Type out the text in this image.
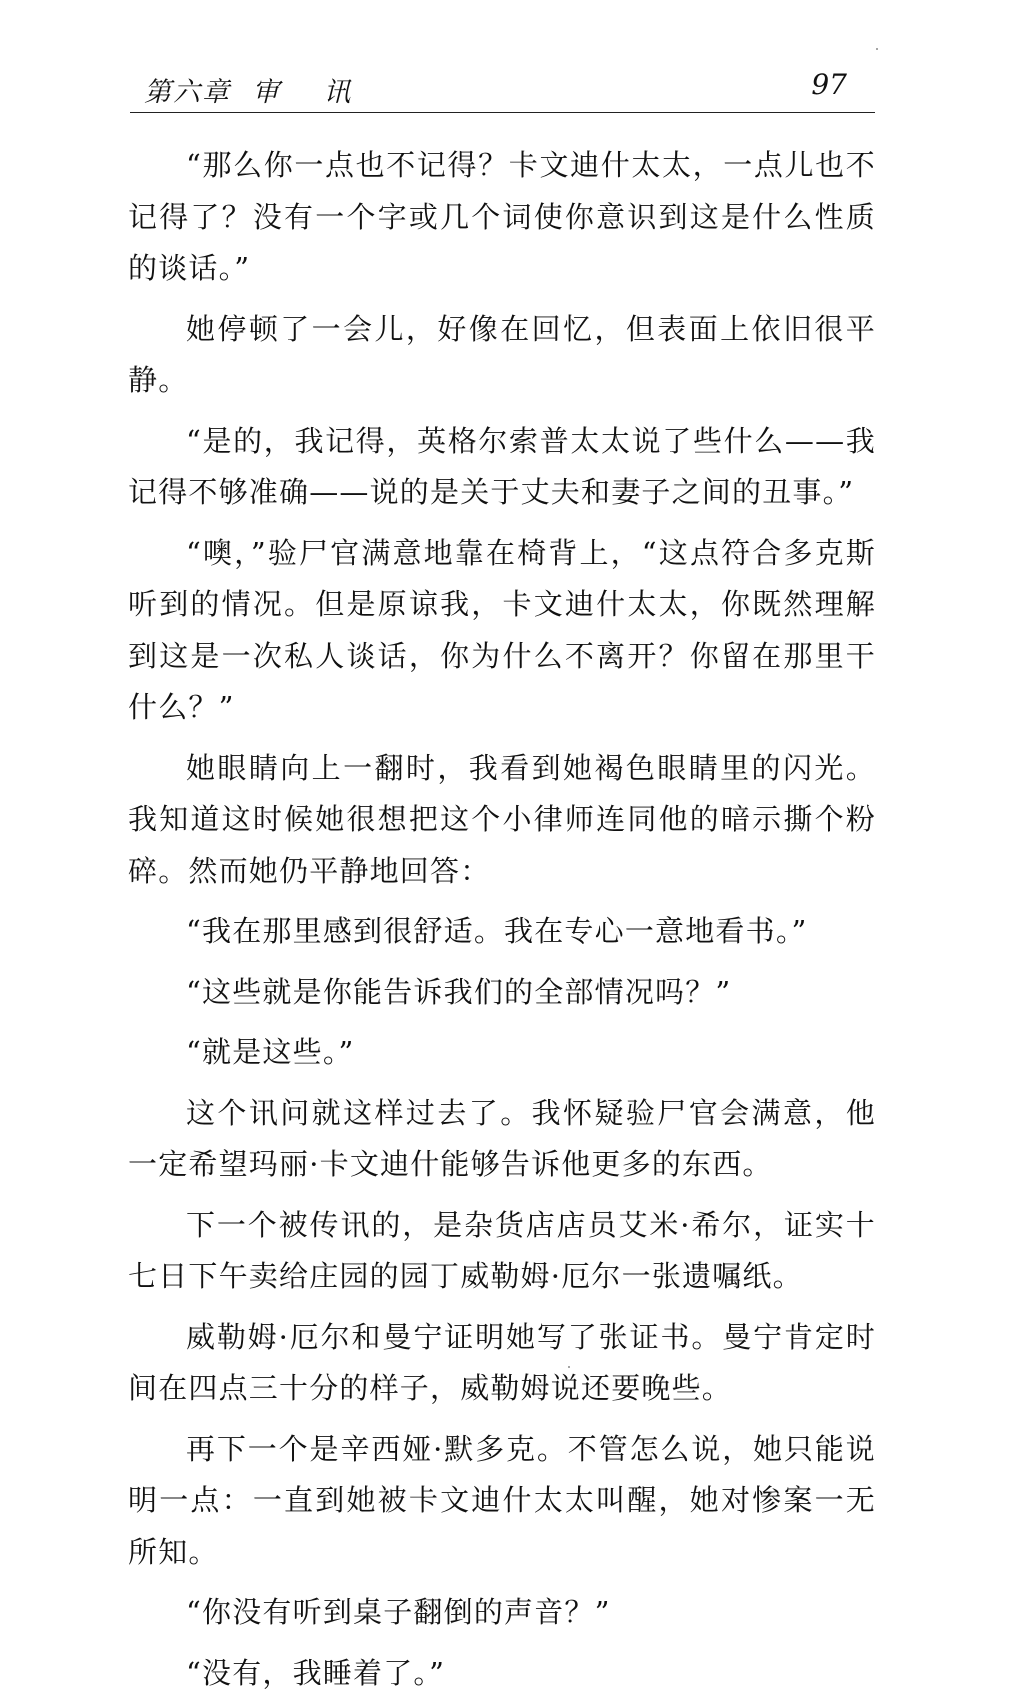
第六章  审    讯	97

“那么你一点也不记得？卡文迪什太太，一点儿也不记得了？没有一个字或几个词使你意识到这是什么性质的谈话。”

她停顿了一会儿，好像在回忆，但表面上依旧很平静。

“是的，我记得，英格尔索普太太说了些什么——我记得不够准确——说的是关于丈夫和妻子之间的丑事。”

“噢，”验尸官满意地靠在椅背上，“这点符合多克斯听到的情况。但是原谅我，卡文迪什太太，你既然理解到这是一次私人谈话，你为什么不离开？你留在那里干什么？”

她眼睛向上一翻时，我看到她褐色眼睛里的闪光。我知道这时候她很想把这个小律师连同他的暗示撕个粉碎。然而她仍平静地回答：

“我在那里感到很舒适。我在专心一意地看书。”

“这些就是你能告诉我们的全部情况吗？”

“就是这些。”

这个讯问就这样过去了。我怀疑验尸官会满意，他一定希望玛丽·卡文迪什能够告诉他更多的东西。

下一个被传讯的，是杂货店店员艾米·希尔，证实十七日下午卖给庄园的园丁威勒姆·厄尔一张遗嘱纸。

威勒姆·厄尔和曼宁证明她写了张证书。曼宁肯定时间在四点三十分的样子，威勒姆说还要晚些。

再下一个是辛西娅·默多克。不管怎么说，她只能说明一点：一直到她被卡文迪什太太叫醒，她对惨案一无所知。

“你没有听到桌子翻倒的声音？”

“没有，我睡着了。”
